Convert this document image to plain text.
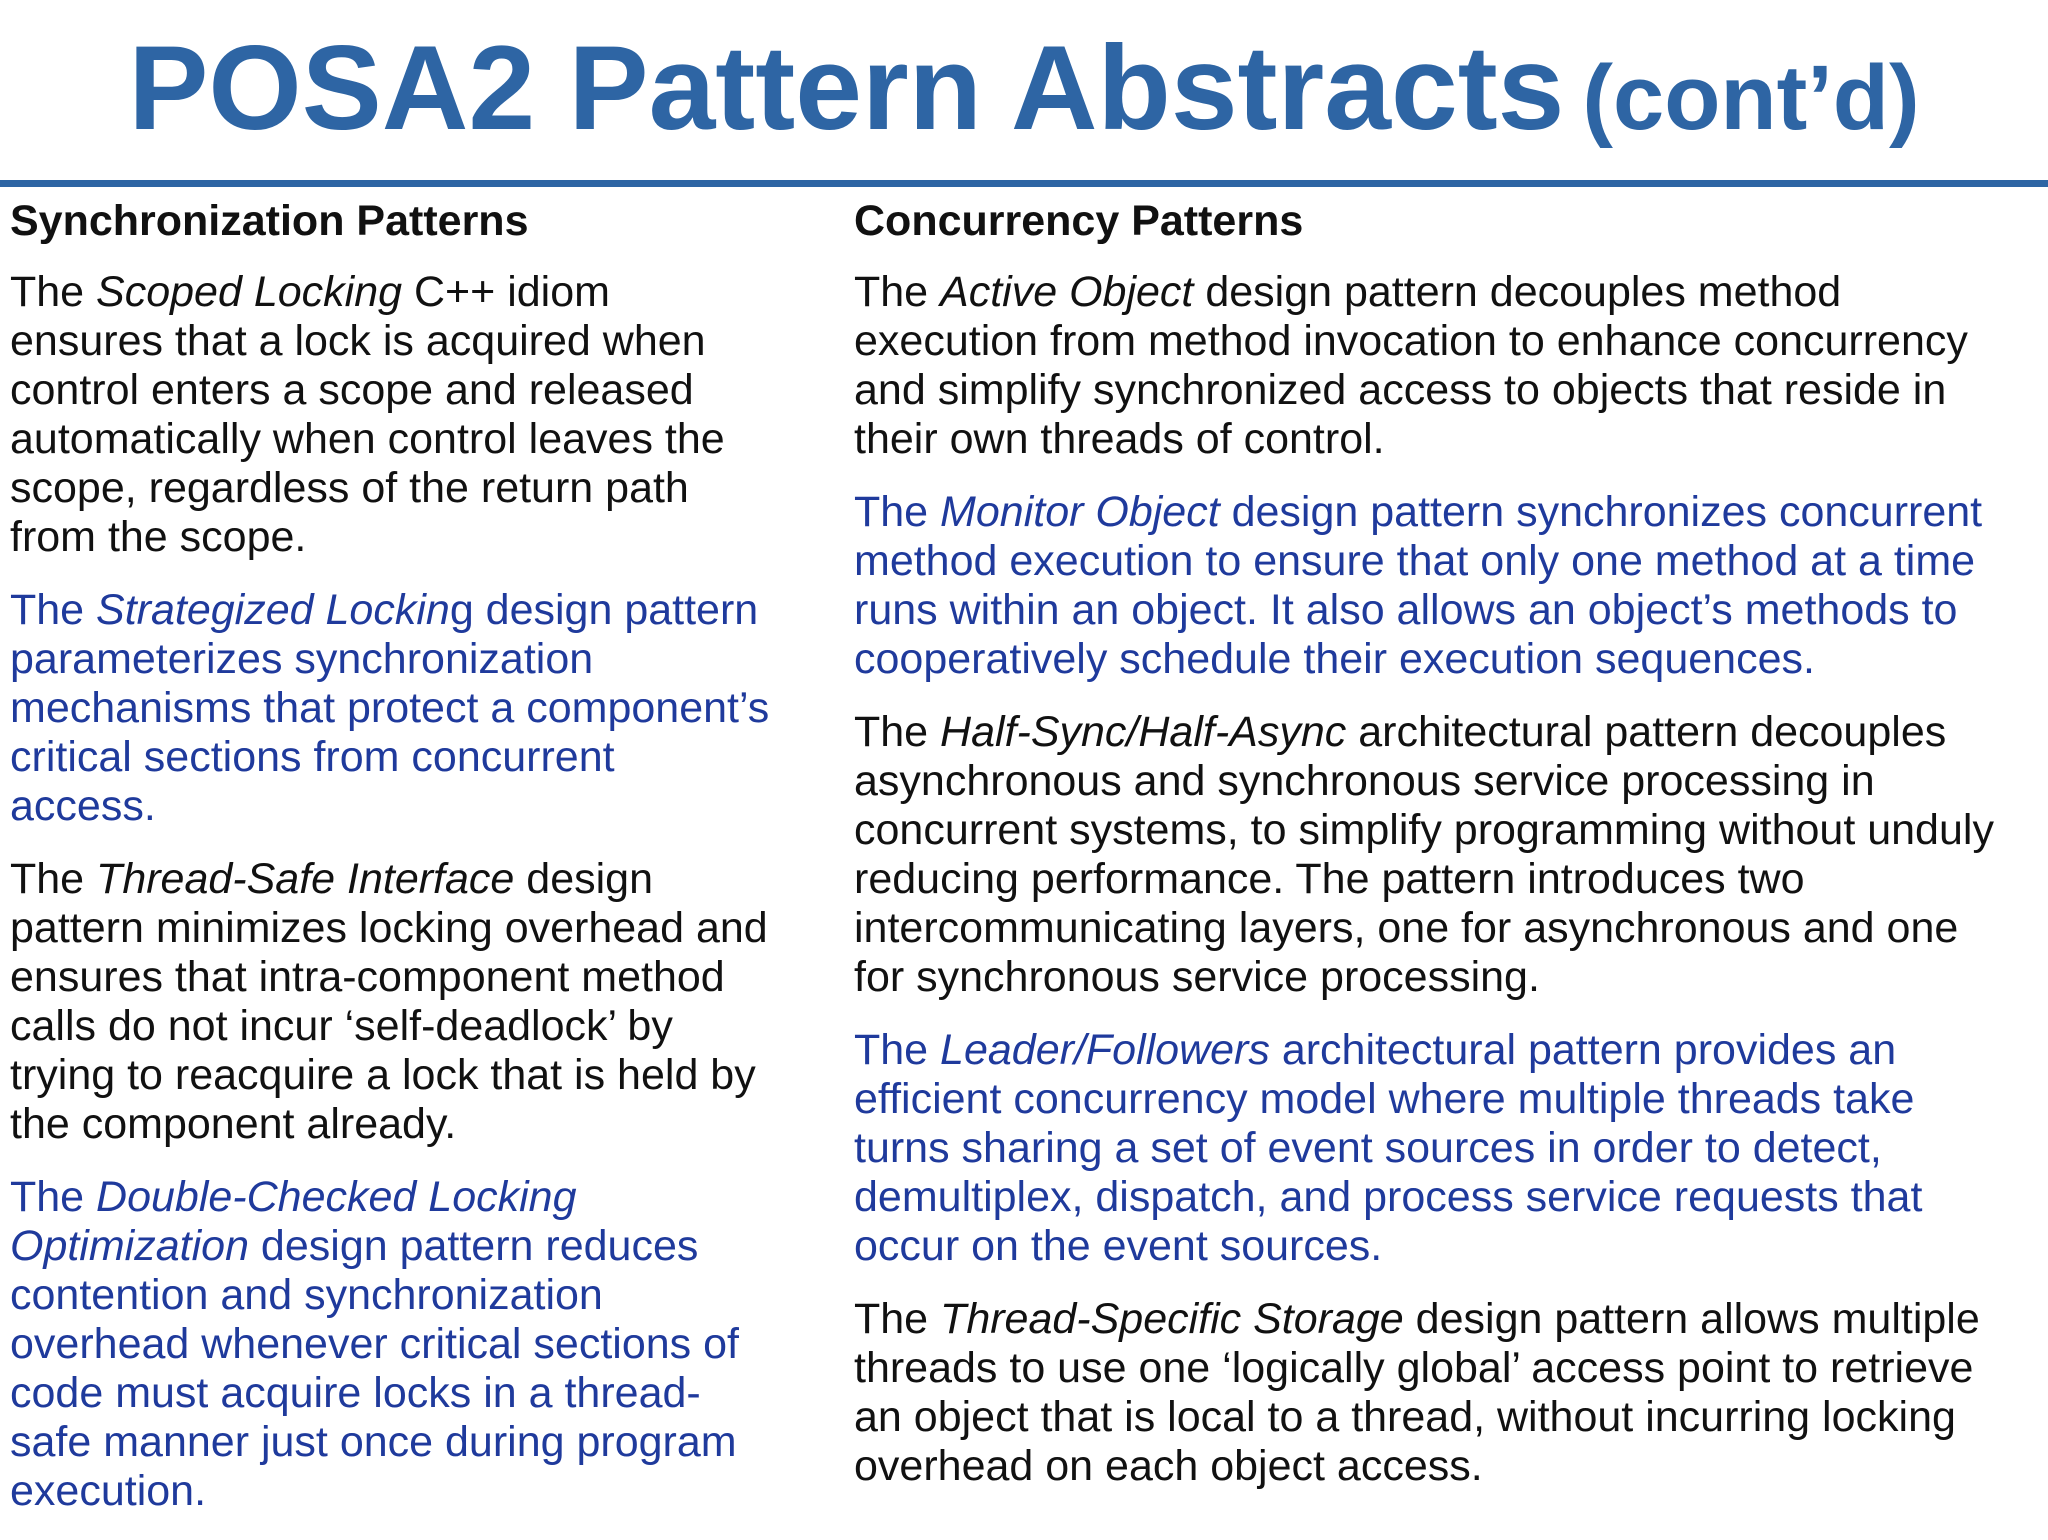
POSA2 Pattern Abstracts (cont’d)
Synchronization Patterns
The Scoped Locking C++ idiom
ensures that a lock is acquired when
control enters a scope and released
automatically when control leaves the
scope, regardless of the return path
from the scope.
The Strategized Locking design pattern
parameterizes synchronization
mechanisms that protect a component’s
critical sections from concurrent
access.
The Thread-Safe Interface design
pattern minimizes locking overhead and
ensures that intra-component method
calls do not incur ‘self-deadlock’ by
trying to reacquire a lock that is held by
the component already.
The Double-Checked Locking
Optimization design pattern reduces
contention and synchronization
overhead whenever critical sections of
code must acquire locks in a thread-
safe manner just once during program
execution.
Concurrency Patterns
The Active Object design pattern decouples method
execution from method invocation to enhance concurrency
and simplify synchronized access to objects that reside in
their own threads of control.
The Monitor Object design pattern synchronizes concurrent
method execution to ensure that only one method at a time
runs within an object. It also allows an object’s methods to
cooperatively schedule their execution sequences.
The Half-Sync/Half-Async architectural pattern decouples
asynchronous and synchronous service processing in
concurrent systems, to simplify programming without unduly
reducing performance. The pattern introduces two
intercommunicating layers, one for asynchronous and one
for synchronous service processing.
The Leader/Followers architectural pattern provides an
efficient concurrency model where multiple threads take
turns sharing a set of event sources in order to detect,
demultiplex, dispatch, and process service requests that
occur on the event sources.
The Thread-Specific Storage design pattern allows multiple
threads to use one ‘logically global’ access point to retrieve
an object that is local to a thread, without incurring locking
overhead on each object access.
